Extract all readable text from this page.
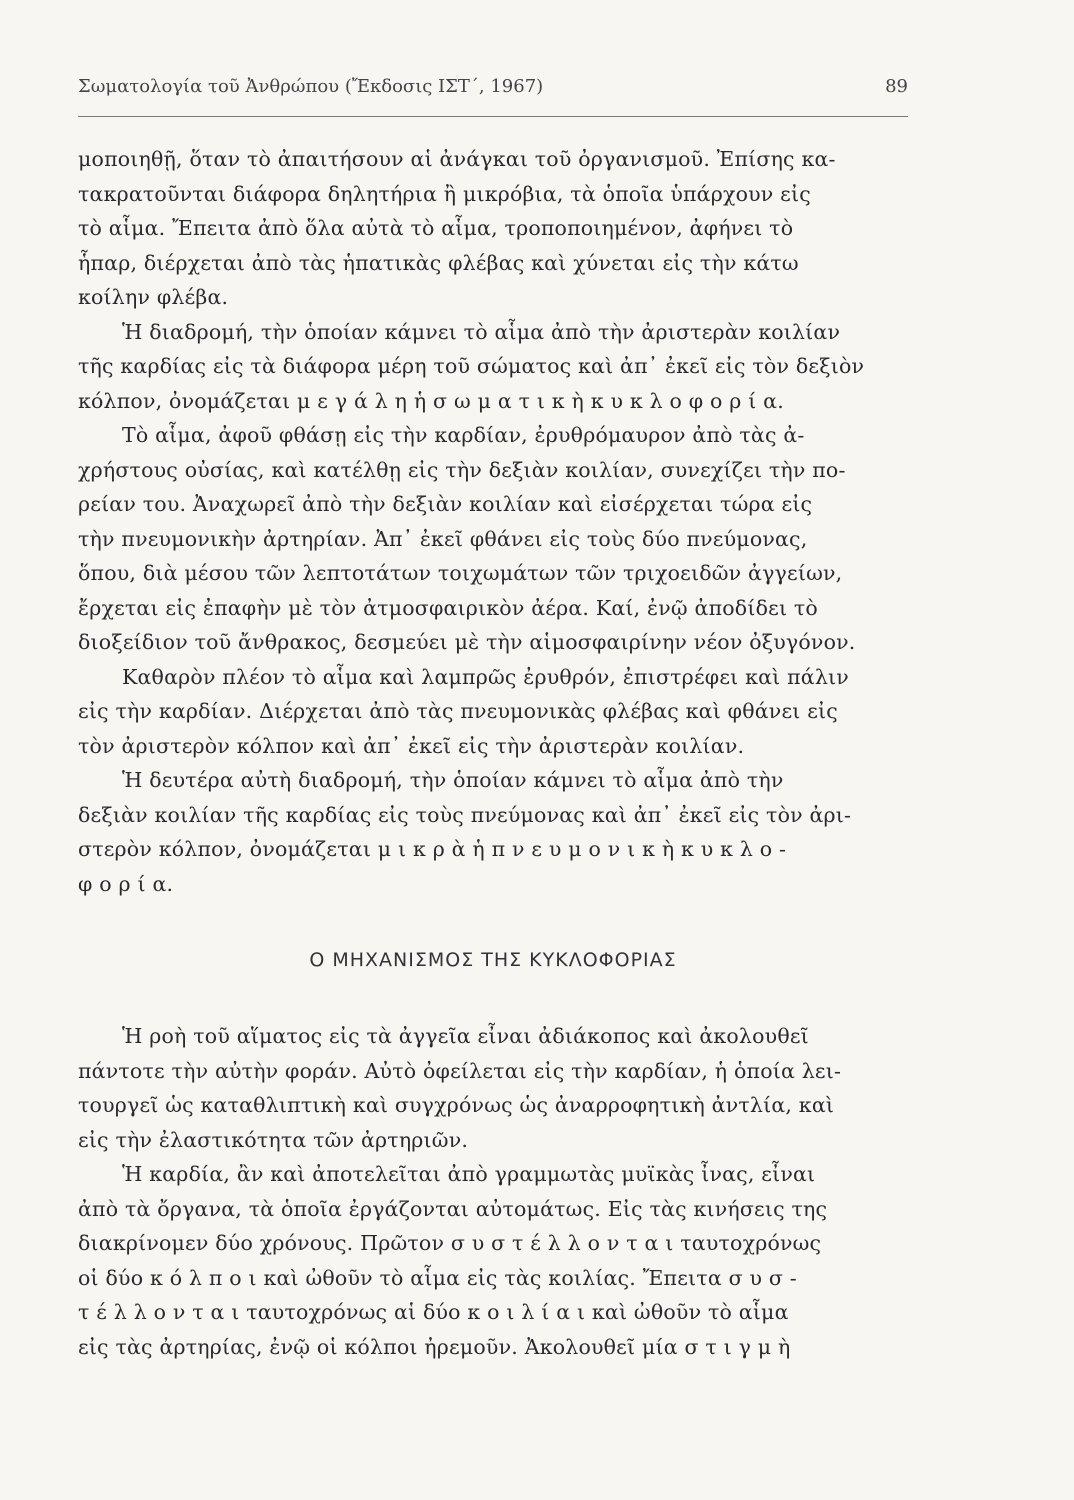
Σωματολογία τοῦ Ἀνθρώπου (Ἔκδοσις ΙΣΤ΄, 1967)	89
μοποιηθῇ, ὅταν τὸ ἀπαιτήσουν αἱ ἀνάγκαι τοῦ ὀργανισμοῦ. Ἐπίσης κα-
τακρατοῦνται διάφορα δηλητήρια ἢ μικρόβια, τὰ ὁποῖα ὑπάρχουν εἰς
τὸ αἷμα. Ἔπειτα ἀπὸ ὅλα αὐτὰ τὸ αἷμα, τροποποιημένον, ἀφήνει τὸ
ἧπαρ, διέρχεται ἀπὸ τὰς ἡπατικὰς φλέβας καὶ χύνεται εἰς τὴν κάτω
κοίλην φλέβα.
Ἡ διαδρομή, τὴν ὁποίαν κάμνει τὸ αἷμα ἀπὸ τὴν ἀριστερὰν κοιλίαν
τῆς καρδίας εἰς τὰ διάφορα μέρη τοῦ σώματος καὶ ἀπ᾽ ἐκεῖ εἰς τὸν δεξιὸν
κόλπον, ὀνομάζεται μ ε γ ά λ η ἡ σ ω μ α τ ι κ ὴ κ υ κ λ ο φ ο ρ ί α.
Τὸ αἷμα, ἀφοῦ φθάσῃ εἰς τὴν καρδίαν, ἐρυθρόμαυρον ἀπὸ τὰς ἀ-
χρήστους οὐσίας, καὶ κατέλθῃ εἰς τὴν δεξιὰν κοιλίαν, συνεχίζει τὴν πο-
ρείαν του. Ἀναχωρεῖ ἀπὸ τὴν δεξιὰν κοιλίαν καὶ εἰσέρχεται τώρα εἰς
τὴν πνευμονικὴν ἀρτηρίαν. Ἀπ᾽ ἐκεῖ φθάνει εἰς τοὺς δύο πνεύμονας,
ὅπου, διὰ μέσου τῶν λεπτοτάτων τοιχωμάτων τῶν τριχοειδῶν ἀγγείων,
ἔρχεται εἰς ἐπαφὴν μὲ τὸν ἀτμοσφαιρικὸν ἀέρα. Καί, ἐνῷ ἀποδίδει τὸ
διοξείδιον τοῦ ἄνθρακος, δεσμεύει μὲ τὴν αἱμοσφαιρίνην νέον ὀξυγόνον.
Καθαρὸν πλέον τὸ αἷμα καὶ λαμπρῶς ἐρυθρόν, ἐπιστρέφει καὶ πάλιν
εἰς τὴν καρδίαν. Διέρχεται ἀπὸ τὰς πνευμονικὰς φλέβας καὶ φθάνει εἰς
τὸν ἀριστερὸν κόλπον καὶ ἀπ᾽ ἐκεῖ εἰς τὴν ἀριστερὰν κοιλίαν.
Ἡ δευτέρα αὐτὴ διαδρομή, τὴν ὁποίαν κάμνει τὸ αἷμα ἀπὸ τὴν
δεξιὰν κοιλίαν τῆς καρδίας εἰς τοὺς πνεύμονας καὶ ἀπ᾽ ἐκεῖ εἰς τὸν ἀρι-
στερὸν κόλπον, ὀνομάζεται μ ι κ ρ ὰ ἡ π ν ε υ μ ο ν ι κ ὴ κ υ κ λ ο -
φ ο ρ ί α.
Ο ΜΗΧΑΝΙΣΜΟΣ ΤΗΣ ΚΥΚΛΟΦΟΡΙΑΣ
Ἡ ροὴ τοῦ αἵματος εἰς τὰ ἀγγεῖα εἶναι ἀδιάκοπος καὶ ἀκολουθεῖ
πάντοτε τὴν αὐτὴν φοράν. Αὐτὸ ὀφείλεται εἰς τὴν καρδίαν, ἡ ὁποία λει-
τουργεῖ ὡς καταθλιπτικὴ καὶ συγχρόνως ὡς ἀναρροφητικὴ ἀντλία, καὶ
εἰς τὴν ἐλαστικότητα τῶν ἀρτηριῶν.
Ἡ καρδία, ἂν καὶ ἀποτελεῖται ἀπὸ γραμμωτὰς μυϊκὰς ἶνας, εἶναι
ἀπὸ τὰ ὄργανα, τὰ ὁποῖα ἐργάζονται αὐτομάτως. Εἰς τὰς κινήσεις της
διακρίνομεν δύο χρόνους. Πρῶτον σ υ σ τ έ λ λ ο ν τ α ι ταυτοχρόνως
οἱ δύο κ ό λ π ο ι καὶ ὠθοῦν τὸ αἷμα εἰς τὰς κοιλίας. Ἔπειτα σ υ σ -
τ έ λ λ ο ν τ α ι ταυτοχρόνως αἱ δύο κ ο ι λ ί α ι καὶ ὠθοῦν τὸ αἷμα
εἰς τὰς ἀρτηρίας, ἐνῷ οἱ κόλποι ἠρεμοῦν. Ἀκολουθεῖ μία σ τ ι γ μ ὴ
